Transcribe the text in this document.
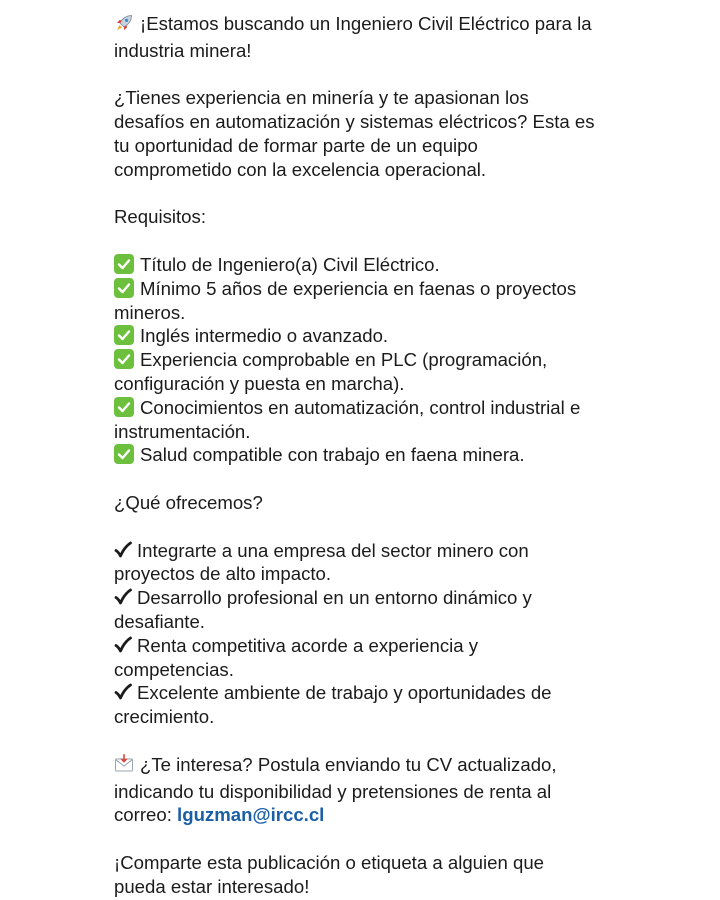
¡Estamos buscando un Ingeniero Civil Eléctrico para la
industria minera!

¿Tienes experiencia en minería y te apasionan los
desafíos en automatización y sistemas eléctricos? Esta es
tu oportunidad de formar parte de un equipo
comprometido con la excelencia operacional.

Requisitos:

Título de Ingeniero(a) Civil Eléctrico.

Mínimo 5 años de experiencia en faenas o proyectos
mineros.

Inglés intermedio o avanzado.

Experiencia comprobable en PLC (programación,
configuración y puesta en marcha).

Conocimientos en automatización, control industrial e
instrumentación.

Salud compatible con trabajo en faena minera.

¿Qué ofrecemos?

Integrarte a una empresa del sector minero con
proyectos de alto impacto.

Desarrollo profesional en un entorno dinámico y
desafiante.

Renta competitiva acorde a experiencia y
competencias.

Excelente ambiente de trabajo y oportunidades de
crecimiento.

¿Te interesa? Postula enviando tu CV actualizado,
indicando tu disponibilidad y pretensiones de renta al
correo: lguzman@ircc.cl

¡Comparte esta publicación o etiqueta a alguien que
pueda estar interesado!
